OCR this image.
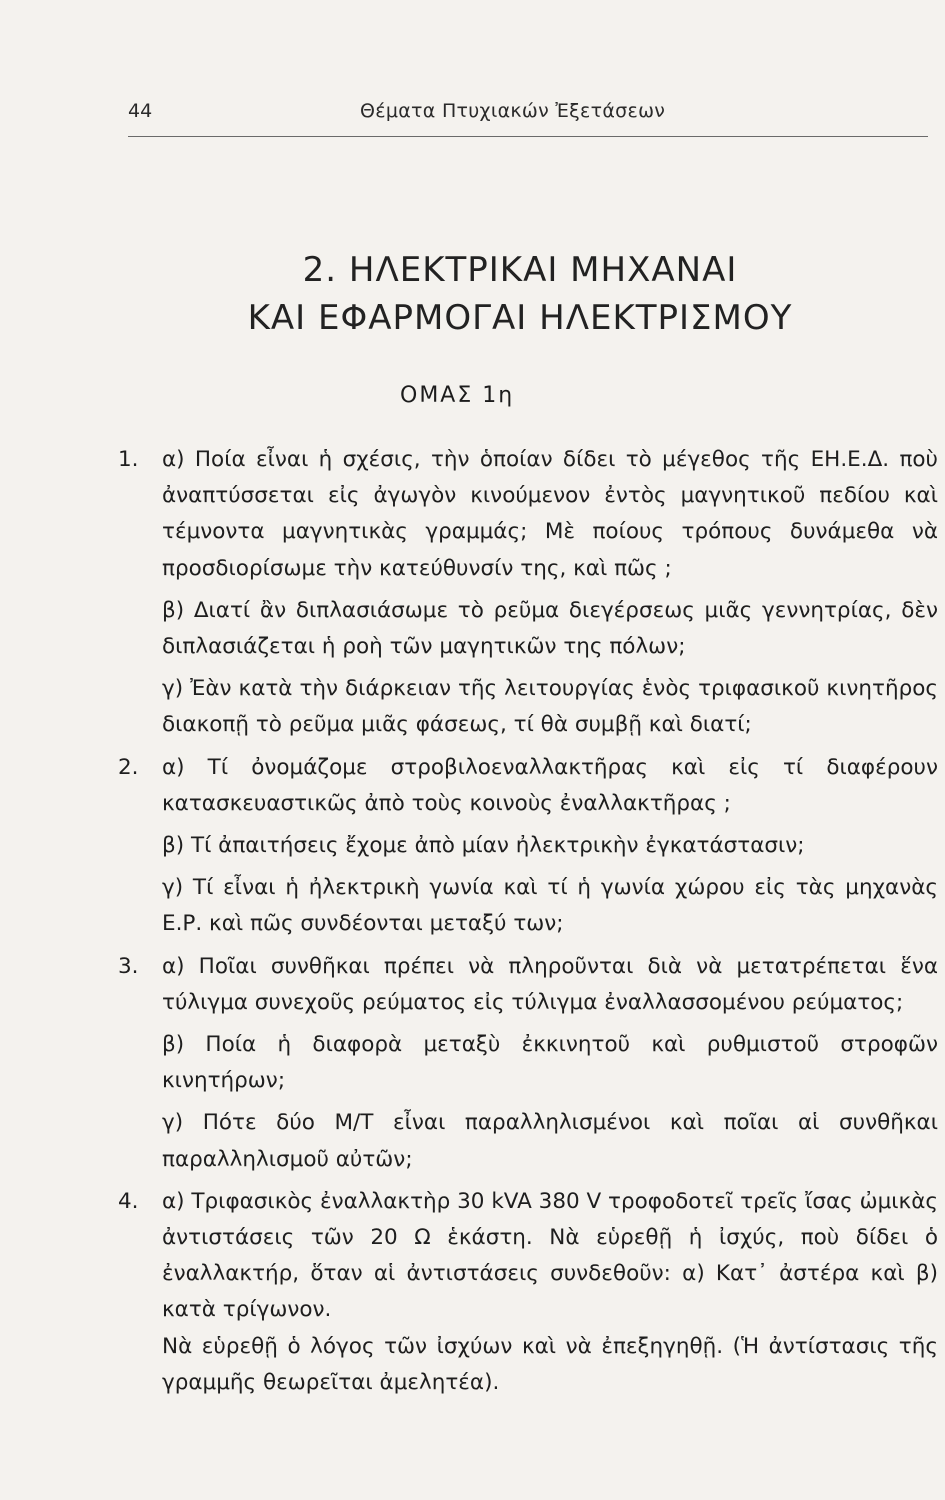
44	Θέματα Πτυχιακών Ἐξετάσεων
2. ΗΛΕΚΤΡΙΚΑΙ ΜΗΧΑΝΑΙ
ΚΑΙ ΕΦΑΡΜΟΓΑΙ ΗΛΕΚΤΡΙΣΜΟΥ
ΟΜΑΣ 1η
1. α) Ποία εἶναι ἡ σχέσις, τὴν ὁποίαν δίδει τὸ μέγεθος τῆς ΕΗ.Ε.Δ. ποὺ ἀναπτύσσεται εἰς ἀγωγὸν κινούμενον ἐντὸς μαγνητικοῦ πεδίου καὶ τέμνοντα μαγνητικὰς γραμμάς; Μὲ ποίους τρόπους δυνάμεθα νὰ προσδιορίσωμε τὴν κατεύθυνσίν της, καὶ πῶς ;

β) Διατί ἂν διπλασιάσωμε τὸ ρεῦμα διεγέρσεως μιᾶς γεννητρίας, δὲν διπλασιάζεται ἡ ροὴ τῶν μαγητικῶν της πόλων;

γ) Ἐὰν κατὰ τὴν διάρκειαν τῆς λειτουργίας ἑνὸς τριφασικοῦ κινητῆρος διακοπῇ τὸ ρεῦμα μιᾶς φάσεως, τί θὰ συμβῇ καὶ διατί;

2. α) Τί ὀνομάζομε στροβιλοεναλλακτῆρας καὶ εἰς τί διαφέρουν κατασκευαστικῶς ἀπὸ τοὺς κοινοὺς ἐναλλακτῆρας ;

β) Τί ἀπαιτήσεις ἔχομε ἀπὸ μίαν ἠλεκτρικὴν ἐγκατάστασιν;

γ) Τί εἶναι ἡ ἠλεκτρικὴ γωνία καὶ τί ἡ γωνία χώρου εἰς τὰς μηχανὰς Ε.Ρ. καὶ πῶς συνδέονται μεταξύ των;

3. α) Ποῖαι συνθῆκαι πρέπει νὰ πληροῦνται διὰ νὰ μετατρέπεται ἕνα τύλιγμα συνεχοῦς ρεύματος εἰς τύλιγμα ἐναλλασσομένου ρεύματος;

β) Ποία ἡ διαφορὰ μεταξὺ ἐκκινητοῦ καὶ ρυθμιστοῦ στροφῶν κινητήρων;

γ) Πότε δύο Μ/Τ εἶναι παραλληλισμένοι καὶ ποῖαι αἱ συνθῆκαι παραλληλισμοῦ αὐτῶν;

4. α) Τριφασικὸς ἐναλλακτὴρ 30 kVA 380 V τροφοδοτεῖ τρεῖς ἴσας ὠμικὰς ἀντιστάσεις τῶν 20 Ω ἑκάστη. Νὰ εὑρεθῇ ἡ ἰσχύς, ποὺ δίδει ὁ ἐναλλακτήρ, ὅταν αἱ ἀντιστάσεις συνδεθοῦν: α) Κατ᾽ ἀστέρα καὶ β) κατὰ τρίγωνον.

Νὰ εὑρεθῇ ὁ λόγος τῶν ἰσχύων καὶ νὰ ἐπεξηγηθῇ. (Ἡ ἀντίστασις τῆς γραμμῆς θεωρεῖται ἀμελητέα).
